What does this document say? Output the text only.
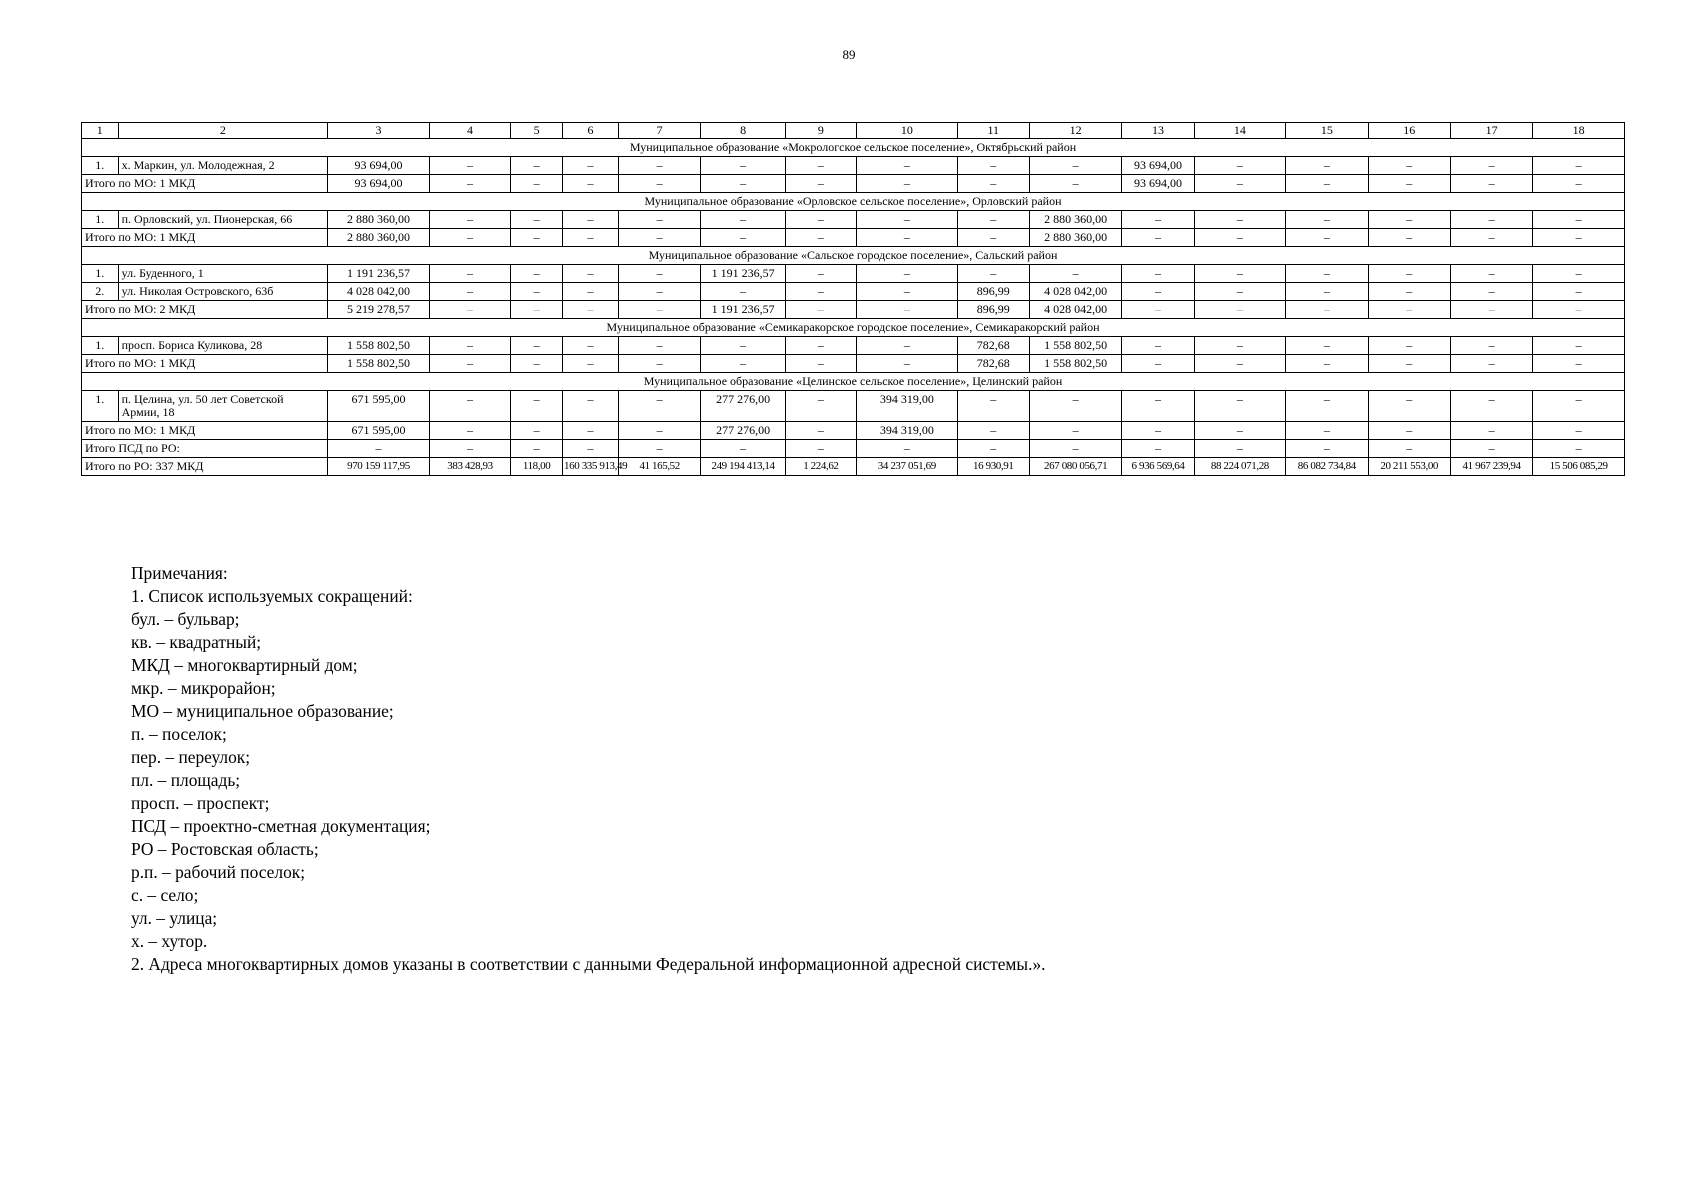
89
1	2	3	4	5	6	7	8	9	10	11	12	13	14	15	16	17	18
Муниципальное образование «Мокрологское сельское поселение», Октябрьский район																	
1.	х. Маркин, ул. Молодежная, 2	93 694,00	–	–	–	–	–	–	–	–	–	93 694,00	–	–	–	–	–
Итого по МО: 1 МКД		93 694,00	–	–	–	–	–	–	–	–	–	93 694,00	–	–	–	–	–
Муниципальное образование «Орловское сельское поселение», Орловский район																	
1.	п. Орловский, ул. Пионерская, 66	2 880 360,00	–	–	–	–	–	–	–	–	2 880 360,00	–	–	–	–	–	–
Итого по МО: 1 МКД		2 880 360,00	–	–	–	–	–	–	–	–	2 880 360,00	–	–	–	–	–	–
Муниципальное образование «Сальское городское поселение», Сальский район																	
1.	ул. Буденного, 1	1 191 236,57	–	–	–	–	1 191 236,57	–	–	–	–	–	–	–	–	–	–
2.	ул. Николая Островского, 63б	4 028 042,00	–	–	–	–	–	–	–	896,99	4 028 042,00	–	–	–	–	–	–
Итого по МО: 2 МКД		5 219 278,57	–	–	–	–	1 191 236,57	–	–	896,99	4 028 042,00	–	–	–	–	–	–
Муниципальное образование «Семикаракорское городское поселение», Семикаракорский район																	
1.	просп. Бориса Куликова, 28	1 558 802,50	–	–	–	–	–	–	–	782,68	1 558 802,50	–	–	–	–	–	–
Итого по МО: 1 МКД		1 558 802,50	–	–	–	–	–	–	–	782,68	1 558 802,50	–	–	–	–	–	–
Муниципальное образование «Целинское сельское поселение», Целинский район																	
1.	п. Целина, ул. 50 лет Советской Армии, 18	671 595,00	–	–	–	–	277 276,00	–	394 319,00	–	–	–	–	–	–	–	–
Итого по МО: 1 МКД		671 595,00	–	–	–	–	277 276,00	–	394 319,00	–	–	–	–	–	–	–	–
Итого ПСД по РО:		–	–	–	–	–	–	–	–	–	–	–	–	–	–	–	–
Итого по РО: 337 МКД		970 159 117,95	383 428,93	118,00	160 335 913,49	41 165,52	249 194 413,14	1 224,62	34 237 051,69	16 930,91	267 080 056,71	6 936 569,64	88 224 071,28	86 082 734,84	20 211 553,00	41 967 239,94	15 506 085,29
Примечания:
1. Список используемых сокращений:
бул. – бульвар;
кв. – квадратный;
МКД – многоквартирный дом;
мкр. – микрорайон;
МО – муниципальное образование;
п. – поселок;
пер. – переулок;
пл. – площадь;
просп. – проспект;
ПСД – проектно-сметная документация;
РО – Ростовская область;
р.п. – рабочий поселок;
с. – село;
ул. – улица;
х. – хутор.
2. Адреса многоквартирных домов указаны в соответствии с данными Федеральной информационной адресной системы.».
